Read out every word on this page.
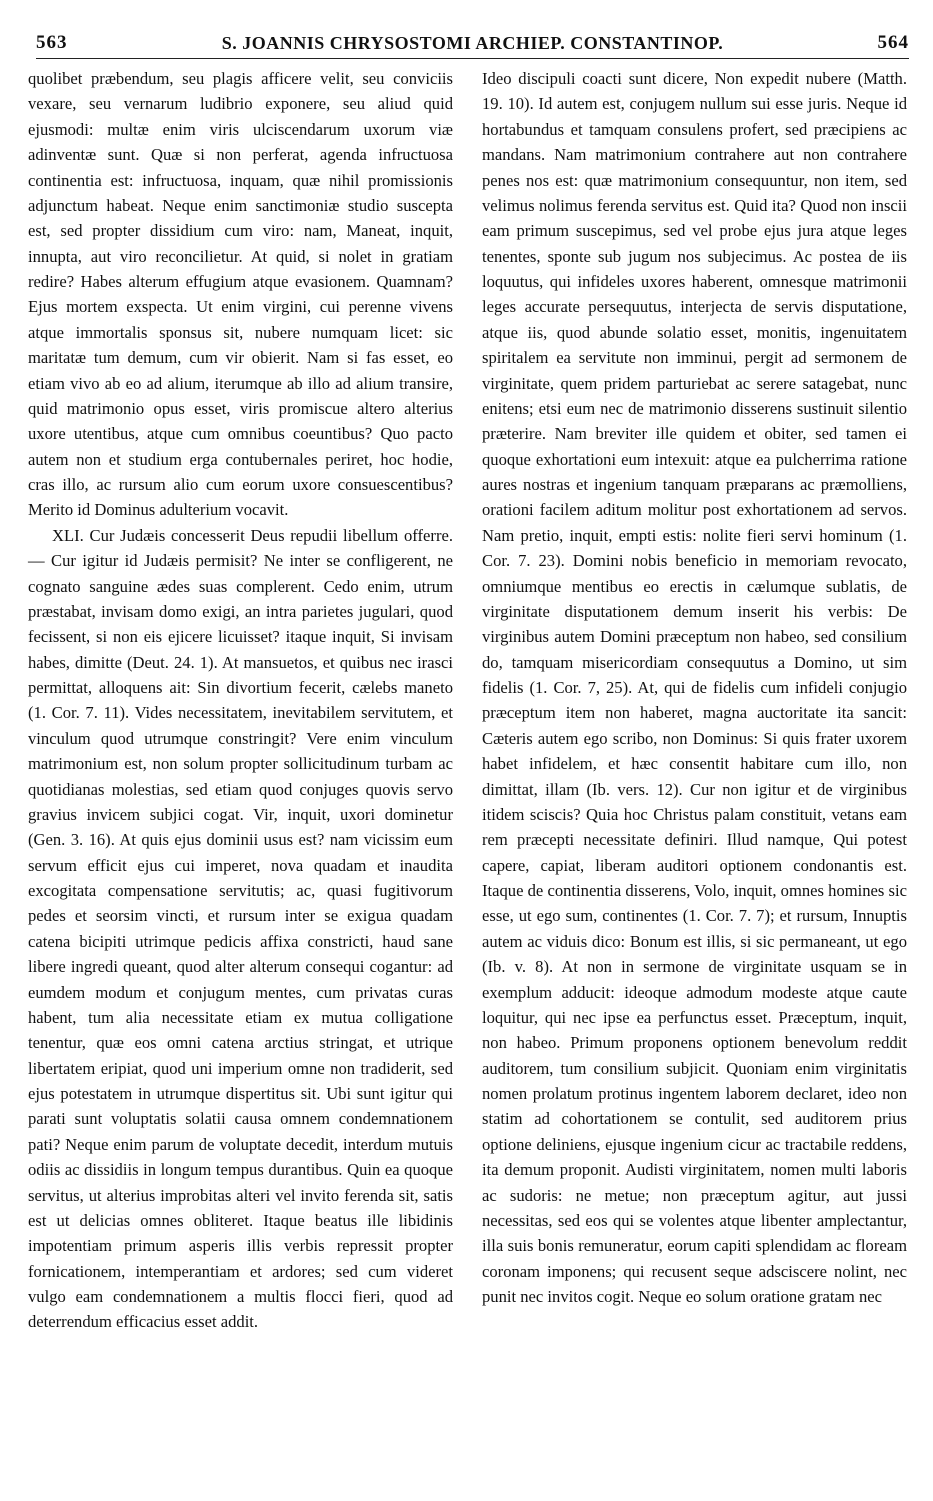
563	S. JOANNIS CHRYSOSTOMI ARCHIEP. CONSTANTINOP.	564

quolibet præbendum, seu plagis afficere velit, seu conviciis vexare, seu vernarum ludibrio exponere, seu aliud quid ejusmodi: multæ enim viris ulciscendarum uxorum viæ adinventæ sunt. Quæ si non perferat, agenda infructuosa continentia est: infructuosa, inquam, quæ nihil promissionis adjunctum habeat. Neque enim sanctimoniæ studio suscepta est, sed propter dissidium cum viro: nam, Maneat, inquit, innupta, aut viro reconcilietur. At quid, si nolet in gratiam redire? Habes alterum effugium atque evasionem. Quamnam? Ejus mortem exspecta. Ut enim virgini, cui perenne vivens atque immortalis sponsus sit, nubere numquam licet: sic maritatæ tum demum, cum vir obierit. Nam si fas esset, eo etiam vivo ab eo ad alium, iterumque ab illo ad alium transire, quid matrimonio opus esset, viris promiscue altero alterius uxore utentibus, atque cum omnibus coeuntibus? Quo pacto autem non et studium erga contubernales periret, hoc hodie, cras illo, ac rursum alio cum eorum uxore consuescentibus? Merito id Dominus adulterium vocavit.

XLI. Cur Judæis concesserit Deus repudii libellum offerre. — Cur igitur id Judæis permisit? Ne inter se confligerent, ne cognato sanguine ædes suas complerent. Cedo enim, utrum præstabat, invisam domo exigi, an intra parietes jugulari, quod fecissent, si non eis ejicere licuisset? itaque inquit, Si invisam habes, dimitte (Deut. 24. 1). At mansuetos, et quibus nec irasci permittat, alloquens ait: Sin divortium fecerit, cælebs maneto (1. Cor. 7. 11). Vides necessitatem, inevitabilem servitutem, et vinculum quod utrumque constringit? Vere enim vinculum matrimonium est, non solum propter sollicitudinum turbam ac quotidianas molestias, sed etiam quod conjuges quovis servo gravius invicem subjici cogat. Vir, inquit, uxori dominetur (Gen. 3. 16). At quis ejus dominii usus est? nam vicissim eum servum efficit ejus cui imperet, nova quadam et inaudita excogitata compensatione servitutis; ac, quasi fugitivorum pedes et seorsim vincti, et rursum inter se exigua quadam catena bicipiti utrimque pedicis affixa constricti, haud sane libere ingredi queant, quod alter alterum consequi cogantur: ad eumdem modum et conjugum mentes, cum privatas curas habent, tum alia necessitate etiam ex mutua colligatione tenentur, quæ eos omni catena arctius stringat, et utrique libertatem eripiat, quod uni imperium omne non tradiderit, sed ejus potestatem in utrumque dispertitus sit. Ubi sunt igitur qui parati sunt voluptatis solatii causa omnem condemnationem pati? Neque enim parum de voluptate decedit, interdum mutuis odiis ac dissidiis in longum tempus durantibus. Quin ea quoque servitus, ut alterius improbitas alteri vel invito ferenda sit, satis est ut delicias omnes obliteret. Itaque beatus ille libidinis impotentiam primum asperis illis verbis repressit propter fornicationem, intemperantiam et ardores; sed cum videret vulgo eam condemnationem a multis flocci fieri, quod ad deterrendum efficacius esset addit.

Ideo discipuli coacti sunt dicere, Non expedit nubere (Matth. 19. 10). Id autem est, conjugem nullum sui esse juris. Neque id hortabundus et tamquam consulens profert, sed præcipiens ac mandans. Nam matrimonium contrahere aut non contrahere penes nos est: quæ matrimonium consequuntur, non item, sed velimus nolimus ferenda servitus est. Quid ita? Quod non inscii eam primum suscepimus, sed vel probe ejus jura atque leges tenentes, sponte sub jugum nos subjecimus. Ac postea de iis loquutus, qui infideles uxores haberent, omnesque matrimonii leges accurate persequutus, interjecta de servis disputatione, atque iis, quod abunde solatio esset, monitis, ingenuitatem spiritalem ea servitute non imminui, pergit ad sermonem de virginitate, quem pridem parturiebat ac serere satagebat, nunc enitens; etsi eum nec de matrimonio disserens sustinuit silentio præterire. Nam breviter ille quidem et obiter, sed tamen ei quoque exhortationi eum intexuit: atque ea pulcherrima ratione aures nostras et ingenium tanquam præparans ac præmolliens, orationi facilem aditum molitur post exhortationem ad servos. Nam pretio, inquit, empti estis: nolite fieri servi hominum (1. Cor. 7. 23). Domini nobis beneficio in memoriam revocato, omniumque mentibus eo erectis in cælumque sublatis, de virginitate disputationem demum inserit his verbis: De virginibus autem Domini præceptum non habeo, sed consilium do, tamquam misericordiam consequutus a Domino, ut sim fidelis (1. Cor. 7, 25). At, qui de fidelis cum infideli conjugio præceptum item non haberet, magna auctoritate ita sancit: Cæteris autem ego scribo, non Dominus: Si quis frater uxorem habet infidelem, et hæc consentit habitare cum illo, non dimittat, illam (Ib. vers. 12). Cur non igitur et de virginibus itidem sciscis? Quia hoc Christus palam constituit, vetans eam rem præcepti necessitate definiri. Illud namque, Qui potest capere, capiat, liberam auditori optionem condonantis est. Itaque de continentia disserens, Volo, inquit, omnes homines sic esse, ut ego sum, continentes (1. Cor. 7. 7); et rursum, Innuptis autem ac viduis dico: Bonum est illis, si sic permaneant, ut ego (Ib. v. 8). At non in sermone de virginitate usquam se in exemplum adducit: ideoque admodum modeste atque caute loquitur, qui nec ipse ea perfunctus esset. Præceptum, inquit, non habeo. Primum proponens optionem benevolum reddit auditorem, tum consilium subjicit. Quoniam enim virginitatis nomen prolatum protinus ingentem laborem declaret, ideo non statim ad cohortationem se contulit, sed auditorem prius optione deliniens, ejusque ingenium cicur ac tractabile reddens, ita demum proponit. Audisti virginitatem, nomen multi laboris ac sudoris: ne metue; non præceptum agitur, aut jussi necessitas, sed eos qui se volentes atque libenter amplectantur, illa suis bonis remuneratur, eorum capiti splendidam ac floream coronam imponens; qui recusent seque adsciscere nolint, nec punit nec invitos cogit. Neque eo solum oratione gratam nec
